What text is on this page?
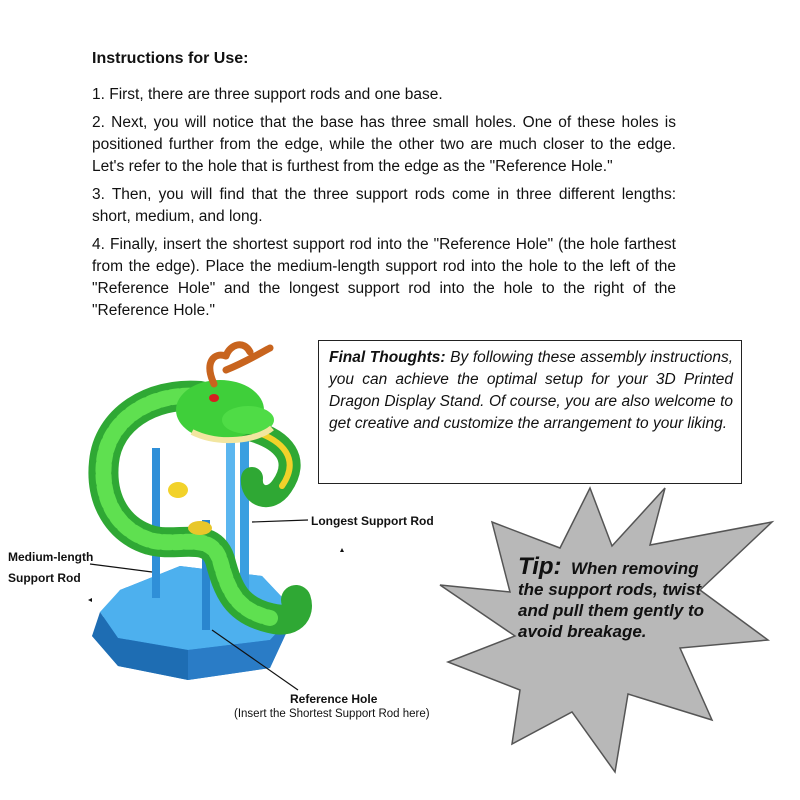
Instructions for Use:

1. First, there are three support rods and one base.

2. Next, you will notice that the base has three small holes. One of these holes is positioned further from the edge, while the other two are much closer to the edge. Let's refer to the hole that is furthest from the edge as the "Reference Hole."

3. Then, you will find that the three support rods come in three different lengths: short, medium, and long.

4. Finally, insert the shortest support rod into the "Reference Hole" (the hole farthest from the edge). Place the medium-length support rod into the hole to the left of the "Reference Hole" and the longest support rod into the hole to the right of the "Reference Hole."

Final Thoughts: By following these assembly instructions, you can achieve the optimal setup for your 3D Printed Dragon Display Stand. Of course, you are also welcome to get creative and customize the arrangement to your liking.

Longest Support Rod
Medium-length
Support Rod
Reference Hole
(Insert the Shortest Support Rod here)
Tip: When removing the support rods, twist and pull them gently to avoid breakage.
